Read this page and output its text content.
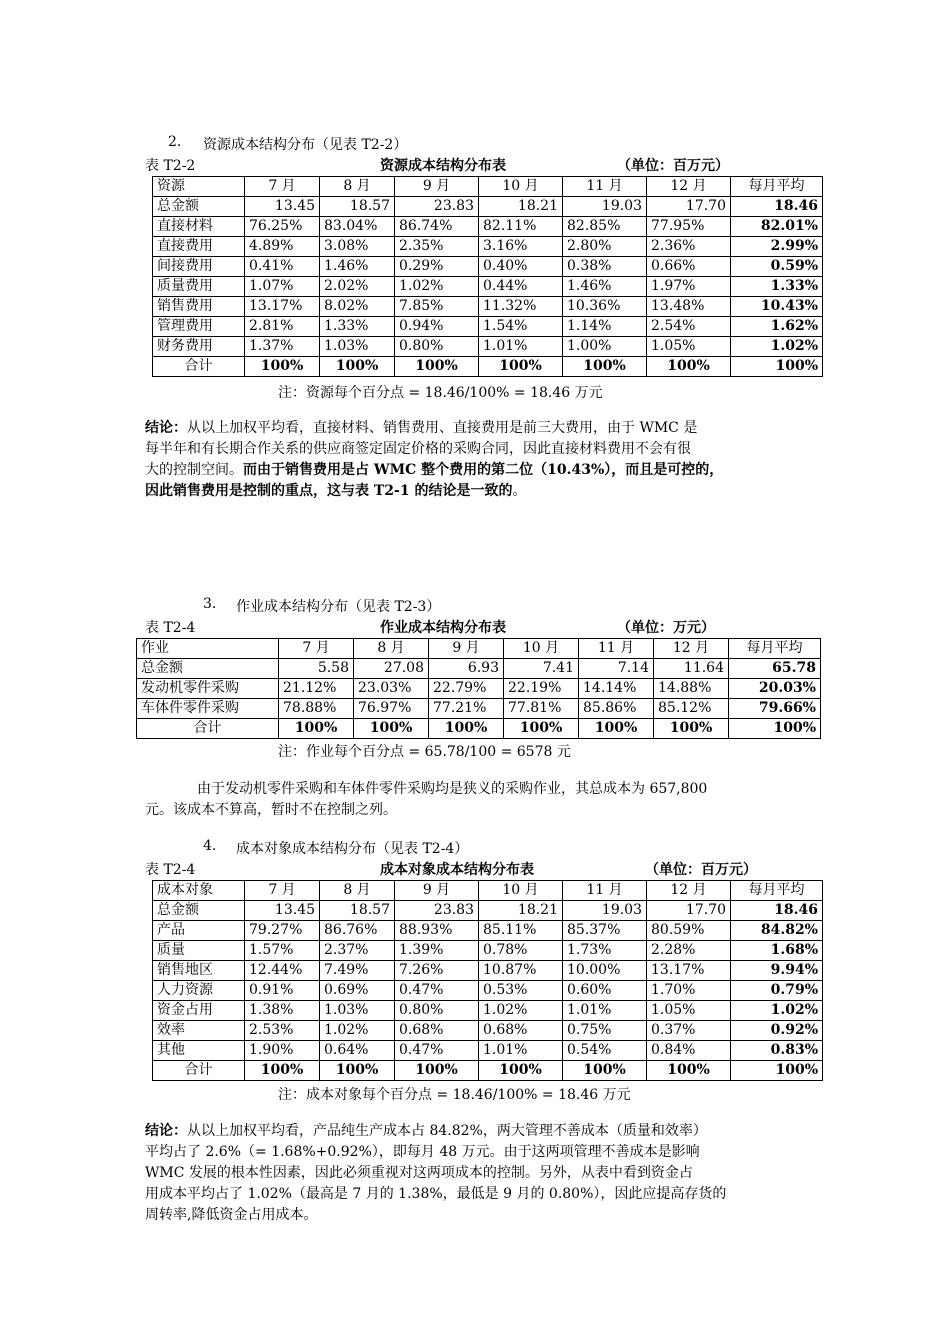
2. 资源成本结构分布（见表 T2-2）
表 T2-2	资源成本结构分布表	（单位：百万元）
资源	7 月	8 月	9 月	10 月	11 月	12 月	每月平均
总金额	13.45	18.57	23.83	18.21	19.03	17.70	18.46
直接材料	76.25%	83.04%	86.74%	82.11%	82.85%	77.95%	82.01%
直接费用	4.89%	3.08%	2.35%	3.16%	2.80%	2.36%	2.99%
间接费用	0.41%	1.46%	0.29%	0.40%	0.38%	0.66%	0.59%
质量费用	1.07%	2.02%	1.02%	0.44%	1.46%	1.97%	1.33%
销售费用	13.17%	8.02%	7.85%	11.32%	10.36%	13.48%	10.43%
管理费用	2.81%	1.33%	0.94%	1.54%	1.14%	2.54%	1.62%
财务费用	1.37%	1.03%	0.80%	1.01%	1.00%	1.05%	1.02%
合计	100%	100%	100%	100%	100%	100%	100%
注：资源每个百分点 = 18.46/100% = 18.46 万元
结论：从以上加权平均看，直接材料、销售费用、直接费用是前三大费用，由于 WMC 是
每半年和有长期合作关系的供应商签定固定价格的采购合同，因此直接材料费用不会有很
大的控制空间。而由于销售费用是占 WMC 整个费用的第二位（10.43%），而且是可控的，
因此销售费用是控制的重点，这与表 T2-1 的结论是一致的。
3. 作业成本结构分布（见表 T2-3）
表 T2-4	作业成本结构分布表	（单位：万元）
作业	7 月	8 月	9 月	10 月	11 月	12 月	每月平均
总金额	5.58	27.08	6.93	7.41	7.14	11.64	65.78
发动机零件采购	21.12%	23.03%	22.79%	22.19%	14.14%	14.88%	20.03%
车体件零件采购	78.88%	76.97%	77.21%	77.81%	85.86%	85.12%	79.66%
合计	100%	100%	100%	100%	100%	100%	100%
注：作业每个百分点 = 65.78/100 = 6578 元
由于发动机零件采购和车体件零件采购均是狭义的采购作业，其总成本为 657,800
元。该成本不算高，暂时不在控制之列。
4. 成本对象成本结构分布（见表 T2-4）
表 T2-4	成本对象成本结构分布表	（单位：百万元）
成本对象	7 月	8 月	9 月	10 月	11 月	12 月	每月平均
总金额	13.45	18.57	23.83	18.21	19.03	17.70	18.46
产品	79.27%	86.76%	88.93%	85.11%	85.37%	80.59%	84.82%
质量	1.57%	2.37%	1.39%	0.78%	1.73%	2.28%	1.68%
销售地区	12.44%	7.49%	7.26%	10.87%	10.00%	13.17%	9.94%
人力资源	0.91%	0.69%	0.47%	0.53%	0.60%	1.70%	0.79%
资金占用	1.38%	1.03%	0.80%	1.02%	1.01%	1.05%	1.02%
效率	2.53%	1.02%	0.68%	0.68%	0.75%	0.37%	0.92%
其他	1.90%	0.64%	0.47%	1.01%	0.54%	0.84%	0.83%
合计	100%	100%	100%	100%	100%	100%	100%
注：成本对象每个百分点 = 18.46/100% = 18.46 万元
结论：从以上加权平均看，产品纯生产成本占 84.82%，两大管理不善成本（质量和效率）
平均占了 2.6%（= 1.68%+0.92%），即每月 48 万元。由于这两项管理不善成本是影响
WMC 发展的根本性因素，因此必须重视对这两项成本的控制。另外，从表中看到资金占
用成本平均占了 1.02%（最高是 7 月的 1.38%，最低是 9 月的 0.80%），因此应提高存货的
周转率,降低资金占用成本。
